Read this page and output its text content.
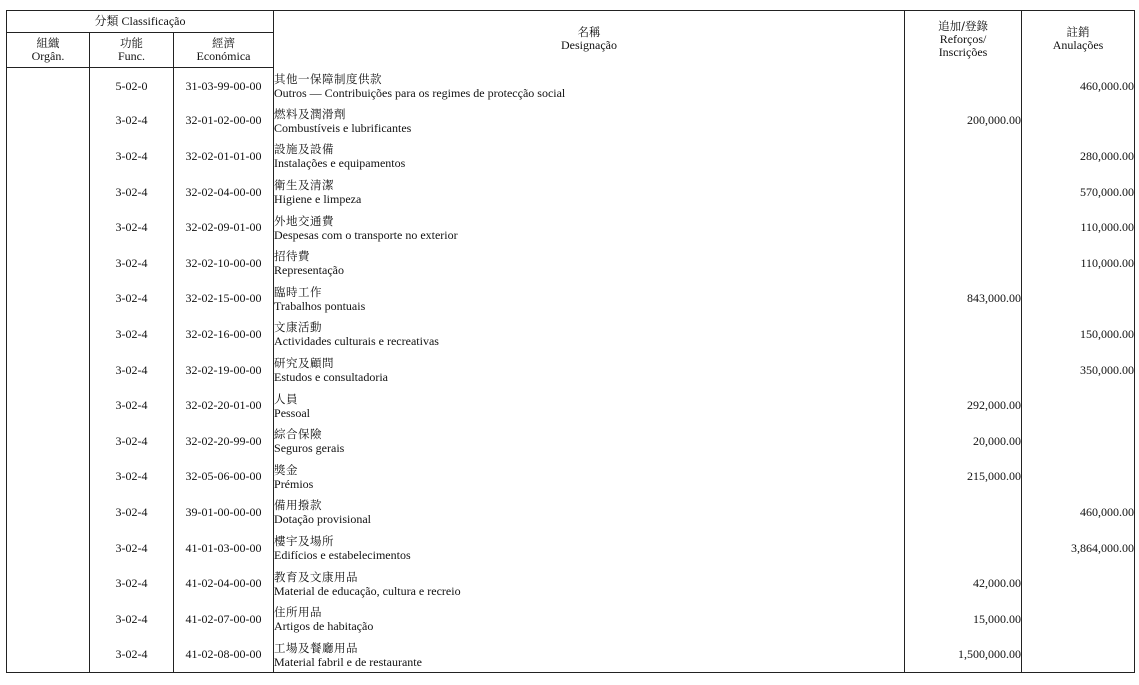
分類 Classificação			名稱
Designação	追加/登錄
Reforços/
Inscrições	註銷
Anulações

組織
Orgân.	功能
Func.	經濟
Económica			
	5-02-0	31-03-99-00-00	其他一保障制度供款
Outros — Contribuições para os regimes de protecção social		460,000.00
	3-02-4	32-01-02-00-00	燃料及潤滑劑
Combustíveis e lubrificantes	200,000.00	
	3-02-4	32-02-01-01-00	設施及設備
Instalações e equipamentos		280,000.00
	3-02-4	32-02-04-00-00	衛生及清潔
Higiene e limpeza		570,000.00
	3-02-4	32-02-09-01-00	外地交通費
Despesas com o transporte no exterior		110,000.00
	3-02-4	32-02-10-00-00	招待費
Representação		110,000.00
	3-02-4	32-02-15-00-00	臨時工作
Trabalhos pontuais	843,000.00	
	3-02-4	32-02-16-00-00	文康活動
Actividades culturais e recreativas		150,000.00
	3-02-4	32-02-19-00-00	研究及顧問
Estudos e consultadoria		350,000.00
	3-02-4	32-02-20-01-00	人員
Pessoal	292,000.00	
	3-02-4	32-02-20-99-00	綜合保險
Seguros gerais	20,000.00	
	3-02-4	32-05-06-00-00	獎金
Prémios	215,000.00	
	3-02-4	39-01-00-00-00	備用撥款
Dotação provisional		460,000.00
	3-02-4	41-01-03-00-00	樓宇及場所
Edifícios e estabelecimentos		3,864,000.00
	3-02-4	41-02-04-00-00	教育及文康用品
Material de educação, cultura e recreio	42,000.00	
	3-02-4	41-02-07-00-00	住所用品
Artigos de habitação	15,000.00	
	3-02-4	41-02-08-00-00	工場及餐廳用品
Material fabril e de restaurante	1,500,000.00	
